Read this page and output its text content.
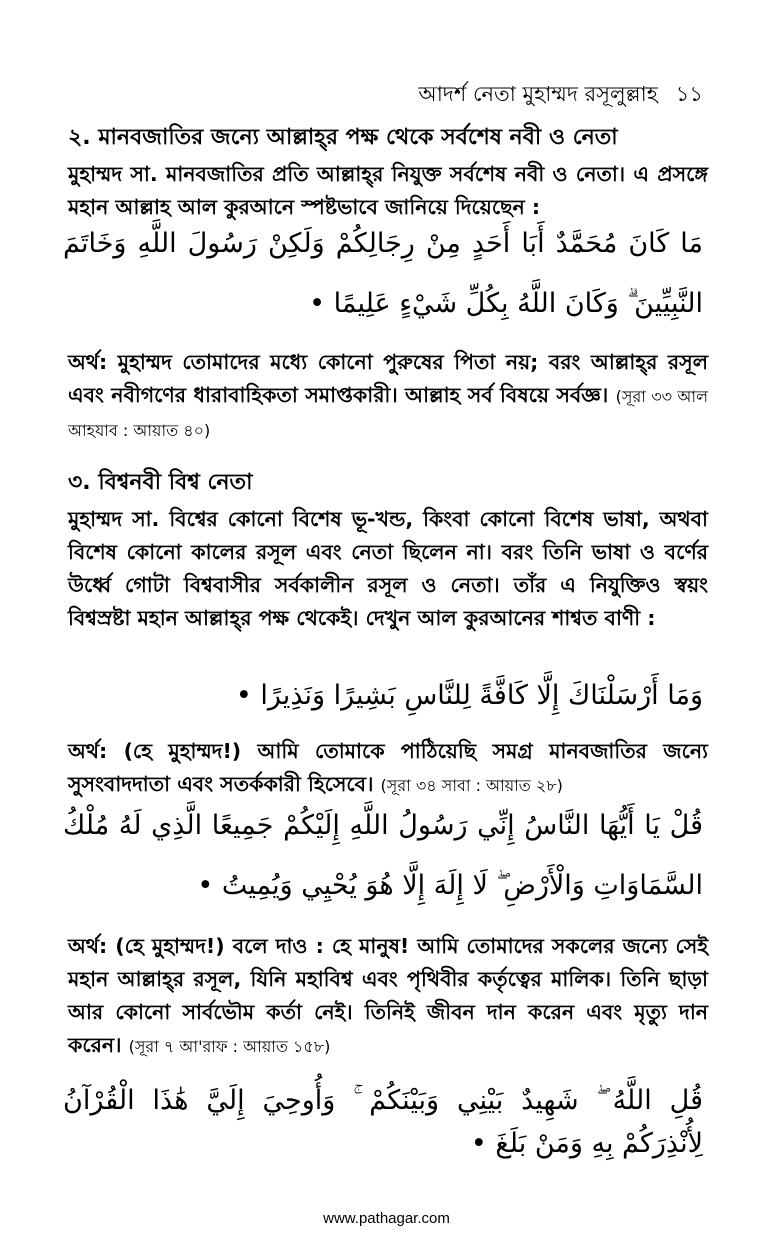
আদর্শ নেতা মুহাম্মদ রসূলুল্লাহ ১১
২. মানবজাতির জন্যে আল্লাহ্‌র পক্ষ থেকে সর্বশেষ নবী ও নেতা
মুহাম্মদ সা. মানবজাতির প্রতি আল্লাহ্‌র নিযুক্ত সর্বশেষ নবী ও নেতা। এ প্রসঙ্গে মহান আল্লাহ আল কুরআনে স্পষ্টভাবে জানিয়ে দিয়েছেন :
مَا كَانَ مُحَمَّدٌ أَبَا أَحَدٍ مِنْ رِجَالِكُمْ وَلَكِنْ رَسُولَ اللَّهِ وَخَاتَمَ
النَّبِيِّينَ ۗ وَكَانَ اللَّهُ بِكُلِّ شَيْءٍ عَلِيمًا •
অর্থ: মুহাম্মদ তোমাদের মধ্যে কোনো পুরুষের পিতা নয়; বরং আল্লাহ্‌র রসূল এবং নবীগণের ধারাবাহিকতা সমাপ্তকারী। আল্লাহ সর্ব বিষয়ে সর্বজ্ঞ। (সূরা ৩৩ আল আহযাব : আয়াত ৪০)
৩. বিশ্বনবী বিশ্ব নেতা
মুহাম্মদ সা. বিশ্বের কোনো বিশেষ ভূ-খন্ড, কিংবা কোনো বিশেষ ভাষা, অথবা বিশেষ কোনো কালের রসূল এবং নেতা ছিলেন না। বরং তিনি ভাষা ও বর্ণের উর্ধ্বে গোটা বিশ্ববাসীর সর্বকালীন রসূল ও নেতা। তাঁর এ নিযুক্তিও স্বয়ং বিশ্বস্রষ্টা মহান আল্লাহ্‌র পক্ষ থেকেই। দেখুন আল কুরআনের শাশ্বত বাণী :
وَمَا أَرْسَلْنَاكَ إِلَّا كَافَّةً لِلنَّاسِ بَشِيرًا وَنَذِيرًا •
অর্থ: (হে মুহাম্মদ!) আমি তোমাকে পাঠিয়েছি সমগ্র মানবজাতির জন্যে সুসংবাদদাতা এবং সতর্ককারী হিসেবে। (সূরা ৩৪ সাবা : আয়াত ২৮)
قُلْ يَا أَيُّهَا النَّاسُ إِنِّي رَسُولُ اللَّهِ إِلَيْكُمْ جَمِيعًا الَّذِي لَهُ مُلْكُ
السَّمَاوَاتِ وَالْأَرْضِ ۖ لَا إِلَهَ إِلَّا هُوَ يُحْيِي وَيُمِيتُ •
অর্থ: (হে মুহাম্মদ!) বলে দাও : হে মানুষ! আমি তোমাদের সকলের জন্যে সেই মহান আল্লাহ্‌র রসূল, যিনি মহাবিশ্ব এবং পৃথিবীর কর্তৃত্বের মালিক। তিনি ছাড়া আর কোনো সার্বভৌম কর্তা নেই। তিনিই জীবন দান করেন এবং মৃত্যু দান করেন। (সূরা ৭ আ'রাফ : আয়াত ১৫৮)
قُلِ اللَّهُ ۖ شَهِيدٌ بَيْنِي وَبَيْنَكُمْ ۚ وَأُوحِيَ إِلَيَّ هَٰذَا الْقُرْآنُ
لِأُنْذِرَكُمْ بِهِ وَمَنْ بَلَغَ •
www.pathagar.com
